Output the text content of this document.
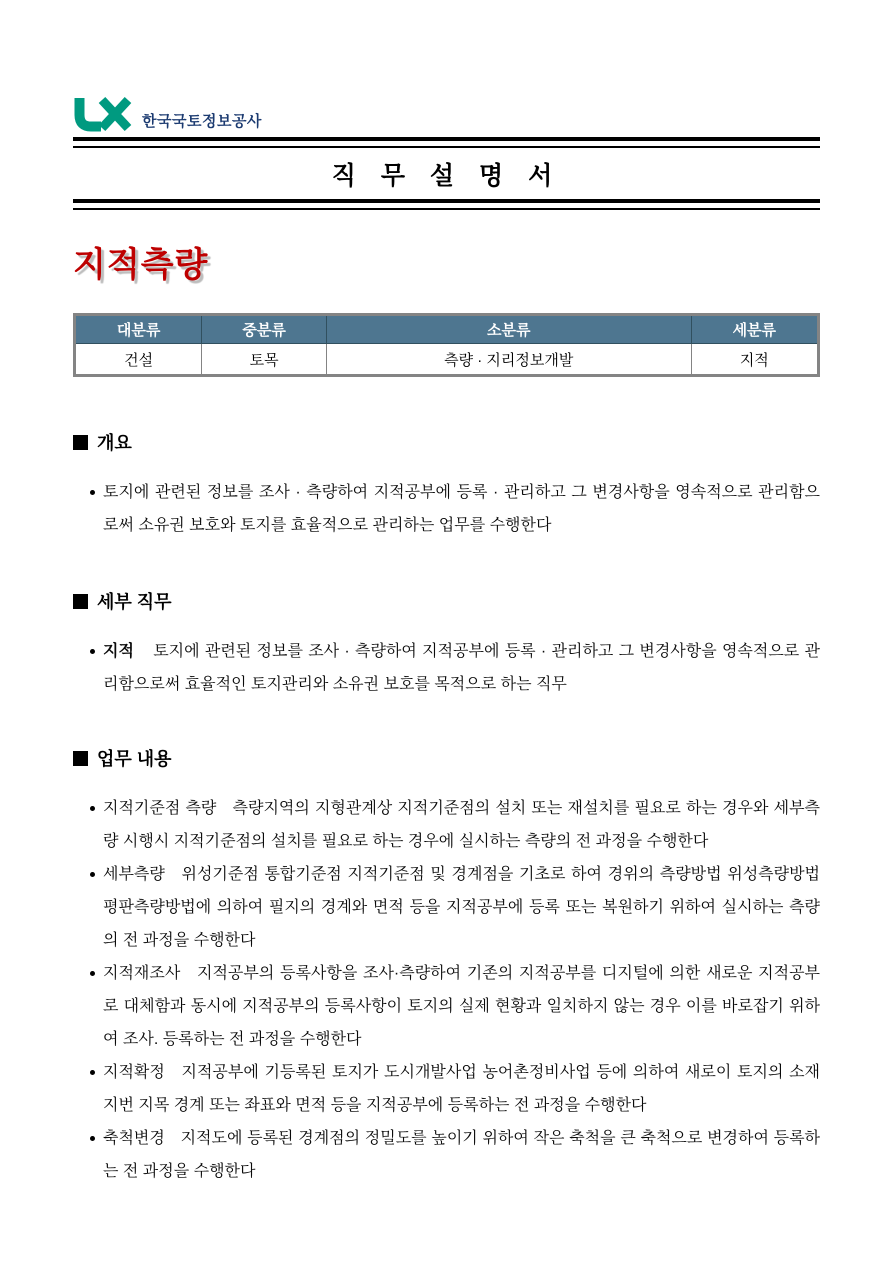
한국국토정보공사
직 무 설 명 서
지적측량
대분류	중분류	소분류	세분류
건설	토목	측량 · 지리정보개발	지적
개요
토지에 관련된 정보를 조사 · 측량하여 지적공부에 등록 · 관리하고 그 변경사항을 영속적으로 관리함으로써 소유권 보호와 토지를 효율적으로 관리하는 업무를 수행한다
세부 직무
지적 토지에 관련된 정보를 조사 · 측량하여 지적공부에 등록 · 관리하고 그 변경사항을 영속적으로 관리함으로써 효율적인 토지관리와 소유권 보호를 목적으로 하는 직무
업무 내용
지적기준점 측량 측량지역의 지형관계상 지적기준점의 설치 또는 재설치를 필요로 하는 경우와 세부측량 시행시 지적기준점의 설치를 필요로 하는 경우에 실시하는 측량의 전 과정을 수행한다
세부측량 위성기준점 통합기준점 지적기준점 및 경계점을 기초로 하여 경위의 측량방법 위성측량방법 평판측량방법에 의하여 필지의 경계와 면적 등을 지적공부에 등록 또는 복원하기 위하여 실시하는 측량의 전 과정을 수행한다
지적재조사 지적공부의 등록사항을 조사·측량하여 기존의 지적공부를 디지털에 의한 새로운 지적공부로 대체함과 동시에 지적공부의 등록사항이 토지의 실제 현황과 일치하지 않는 경우 이를 바로잡기 위하여 조사. 등록하는 전 과정을 수행한다
지적확정 지적공부에 기등록된 토지가 도시개발사업 농어촌정비사업 등에 의하여 새로이 토지의 소재 지번 지목 경계 또는 좌표와 면적 등을 지적공부에 등록하는 전 과정을 수행한다
축척변경 지적도에 등록된 경계점의 정밀도를 높이기 위하여 작은 축척을 큰 축척으로 변경하여 등록하는 전 과정을 수행한다
